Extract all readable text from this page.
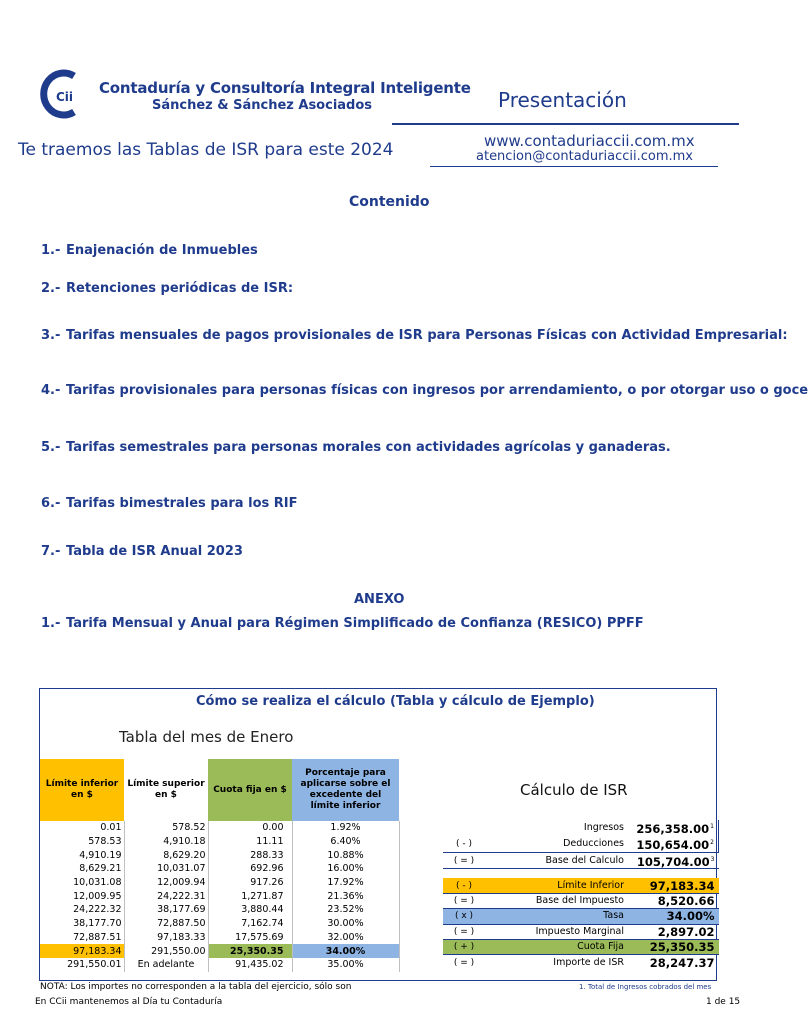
Cii Contaduría y Consultoría Integral Inteligente
Sánchez & Sánchez Asociados	Presentación
Te traemos las Tablas de ISR para este 2024	www.contaduriaccii.com.mx
atencion@contaduriaccii.com.mx
Contenido
1.- Enajenación de Inmuebles
2.- Retenciones periódicas de ISR:
3.- Tarifas mensuales de pagos provisionales de ISR para Personas Físicas con Actividad Empresarial:
4.- Tarifas provisionales para personas físicas con ingresos por arrendamiento, o por otorgar uso o goce
5.- Tarifas semestrales para personas morales con actividades agrícolas y ganaderas.
6.- Tarifas bimestrales para los RIF
7.- Tabla de ISR Anual 2023
ANEXO
1.- Tarifa Mensual y Anual para Régimen Simplificado de Confianza (RESICO) PPFF
Cómo se realiza el cálculo (Tabla y cálculo de Ejemplo)
Tabla del mes de Enero
Cálculo de ISR
Límite inferior en $	Límite superior en $	Cuota fija en $	Porcentaje para aplicarse sobre el excedente del límite inferior
0.01	578.52	0.00	1.92%
578.53	4,910.18	11.11	6.40%
4,910.19	8,629.20	288.33	10.88%
8,629.21	10,031.07	692.96	16.00%
10,031.08	12,009.94	917.26	17.92%
12,009.95	24,222.31	1,271.87	21.36%
24,222.32	38,177.69	3,880.44	23.52%
38,177.70	72,887.50	7,162.74	30.00%
72,887.51	97,183.33	17,575.69	32.00%
97,183.34	291,550.00	25,350.35	34.00%
291,550.01	En adelante	91,435.02	35.00%
	Ingresos	256,358.00$^1$
( - )	Deducciones	150,654.00$^2$
( = )	Base del Calculo	105,704.00$^3$

( - )	Límite Inferior	97,183.34
( = )	Base del Impuesto	8,520.66
( x )	Tasa	34.00%
( = )	Impuesto Marginal	2,897.02
( + )	Cuota Fija	25,350.35
( = )	Importe de ISR	28,247.37
NOTA: Los importes no corresponden a la tabla del ejercicio, sólo son	1. Total de Ingresos cobrados del mes
En CCii mantenemos al Día tu Contaduría	1 de 15
